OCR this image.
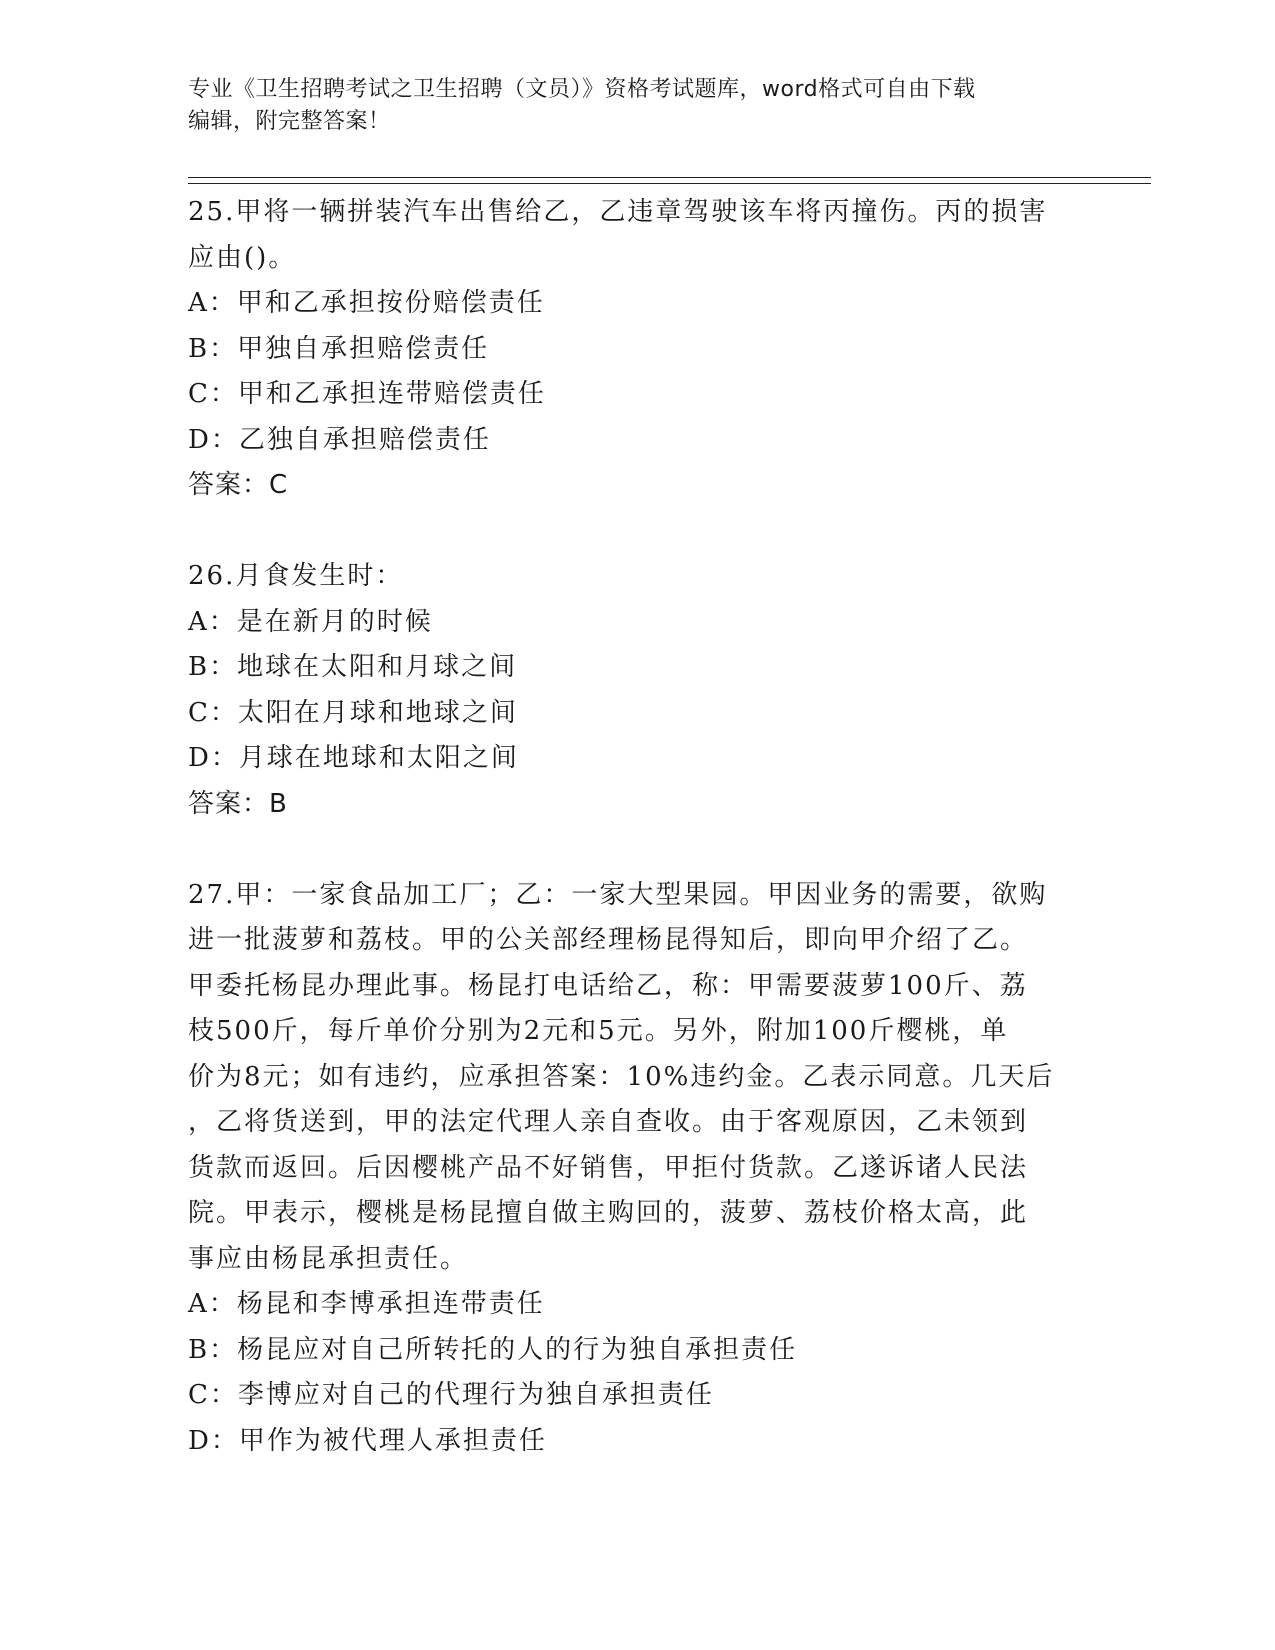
专业《卫生招聘考试之卫生招聘（文员）》资格考试题库，word格式可自由下载
编辑，附完整答案！

25.甲将一辆拼装汽车出售给乙，乙违章驾驶该车将丙撞伤。丙的损害

应由()。

A：甲和乙承担按份赔偿责任

B：甲独自承担赔偿责任

C：甲和乙承担连带赔偿责任

D：乙独自承担赔偿责任

答案：C

26.月食发生时：

A：是在新月的时候

B：地球在太阳和月球之间

C：太阳在月球和地球之间

D：月球在地球和太阳之间

答案：B

27.甲：一家食品加工厂；乙：一家大型果园。甲因业务的需要，欲购

进一批菠萝和荔枝。甲的公关部经理杨昆得知后，即向甲介绍了乙。

甲委托杨昆办理此事。杨昆打电话给乙，称：甲需要菠萝100斤、荔

枝500斤，每斤单价分别为2元和5元。另外，附加100斤樱桃，单

价为8元；如有违约，应承担答案：10%违约金。乙表示同意。几天后

，乙将货送到，甲的法定代理人亲自查收。由于客观原因，乙未领到

货款而返回。后因樱桃产品不好销售，甲拒付货款。乙遂诉诸人民法

院。甲表示，樱桃是杨昆擅自做主购回的，菠萝、荔枝价格太高，此

事应由杨昆承担责任。

A：杨昆和李博承担连带责任

B：杨昆应对自己所转托的人的行为独自承担责任

C：李博应对自己的代理行为独自承担责任

D：甲作为被代理人承担责任
